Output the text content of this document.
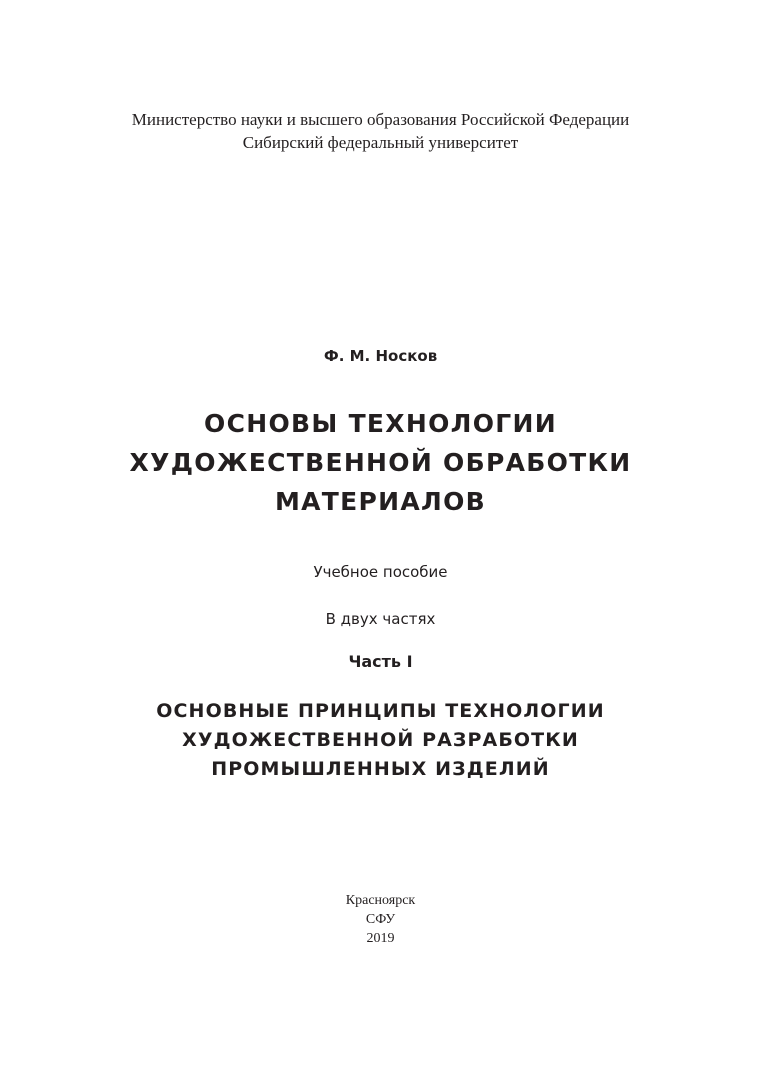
Министерство науки и высшего образования Российской Федерации

Сибирский федеральный университет

Ф. М. Носков

ОСНОВЫ ТЕХНОЛОГИИ
ХУДОЖЕСТВЕННОЙ ОБРАБОТКИ
МАТЕРИАЛОВ

Учебное пособие

В двух частях

Часть I

ОСНОВНЫЕ ПРИНЦИПЫ ТЕХНОЛОГИИ
ХУДОЖЕСТВЕННОЙ РАЗРАБОТКИ
ПРОМЫШЛЕННЫХ ИЗДЕЛИЙ
Красноярск
СФУ
2019
